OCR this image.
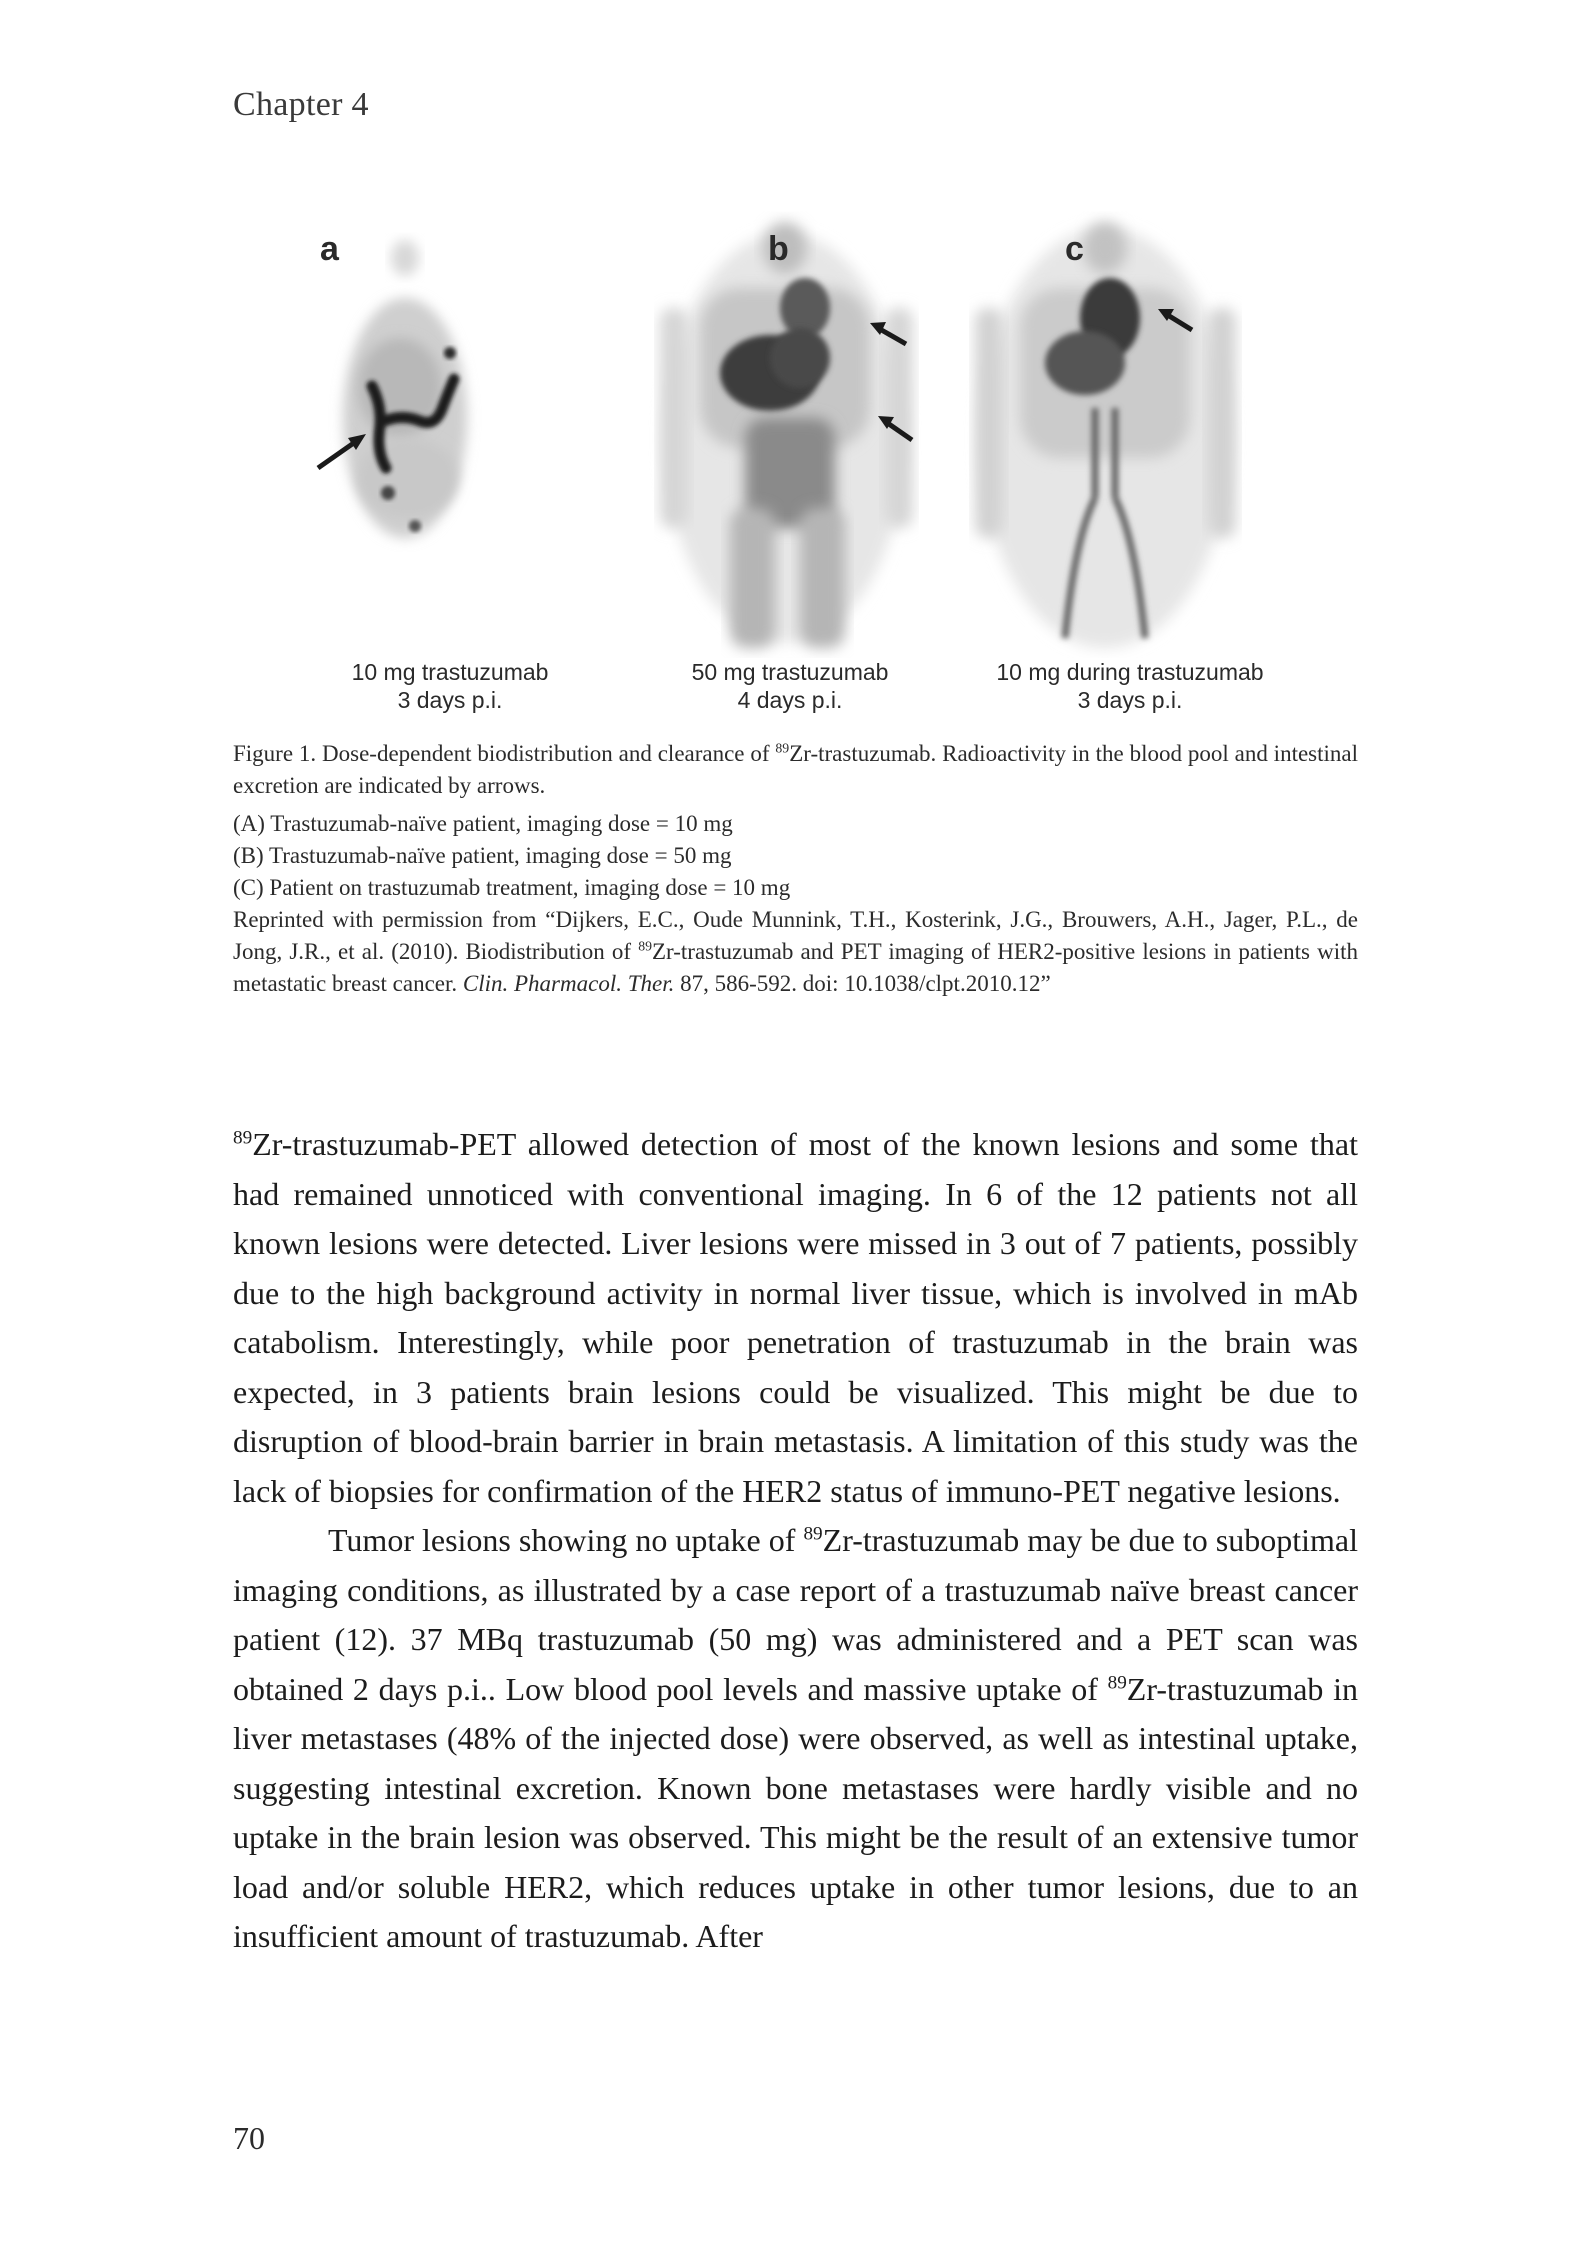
Chapter 4
a
10 mg trastuzumab
3 days p.i.
b
50 mg trastuzumab
4 days p.i.
c
10 mg during trastuzumab
3 days p.i.

Figure 1. Dose-dependent biodistribution and clearance of $^{89}$Zr-trastuzumab. Radioactivity in the blood pool and intestinal excretion are indicated by arrows.

(A) Trastuzumab-naïve patient, imaging dose = 10 mg

(B) Trastuzumab-naïve patient, imaging dose = 50 mg

(C) Patient on trastuzumab treatment, imaging dose = 10 mg

Reprinted with permission from “Dijkers, E.C., Oude Munnink, T.H., Kosterink, J.G., Brouwers, A.H., Jager, P.L., de Jong, J.R., et al. (2010). Biodistribution of $^{89}$Zr-trastuzumab and PET imaging of HER2-positive lesions in patients with metastatic breast cancer. Clin. Pharmacol. Ther. 87, 586-592. doi: 10.1038/clpt.2010.12”

$^{89}$Zr-trastuzumab-PET allowed detection of most of the known lesions and some that had remained unnoticed with conventional imaging. In 6 of the 12 patients not all known lesions were detected. Liver lesions were missed in 3 out of 7 patients, possibly due to the high background activity in normal liver tissue, which is involved in mAb catabolism. Interestingly, while poor penetration of trastuzumab in the brain was expected, in 3 patients brain lesions could be visualized. This might be due to disruption of blood-brain barrier in brain metastasis. A limitation of this study was the lack of biopsies for confirmation of the HER2 status of immuno-PET negative lesions.

Tumor lesions showing no uptake of $^{89}$Zr-trastuzumab may be due to suboptimal imaging conditions, as illustrated by a case report of a trastuzumab naïve breast cancer patient (12). 37 MBq trastuzumab (50 mg) was administered and a PET scan was obtained 2 days p.i.. Low blood pool levels and massive uptake of $^{89}$Zr-trastuzumab in liver metastases (48% of the injected dose) were observed, as well as intestinal uptake, suggesting intestinal excretion. Known bone metastases were hardly visible and no uptake in the brain lesion was observed. This might be the result of an extensive tumor load and/or soluble HER2, which reduces uptake in other tumor lesions, due to an insufficient amount of trastuzumab. After

70
